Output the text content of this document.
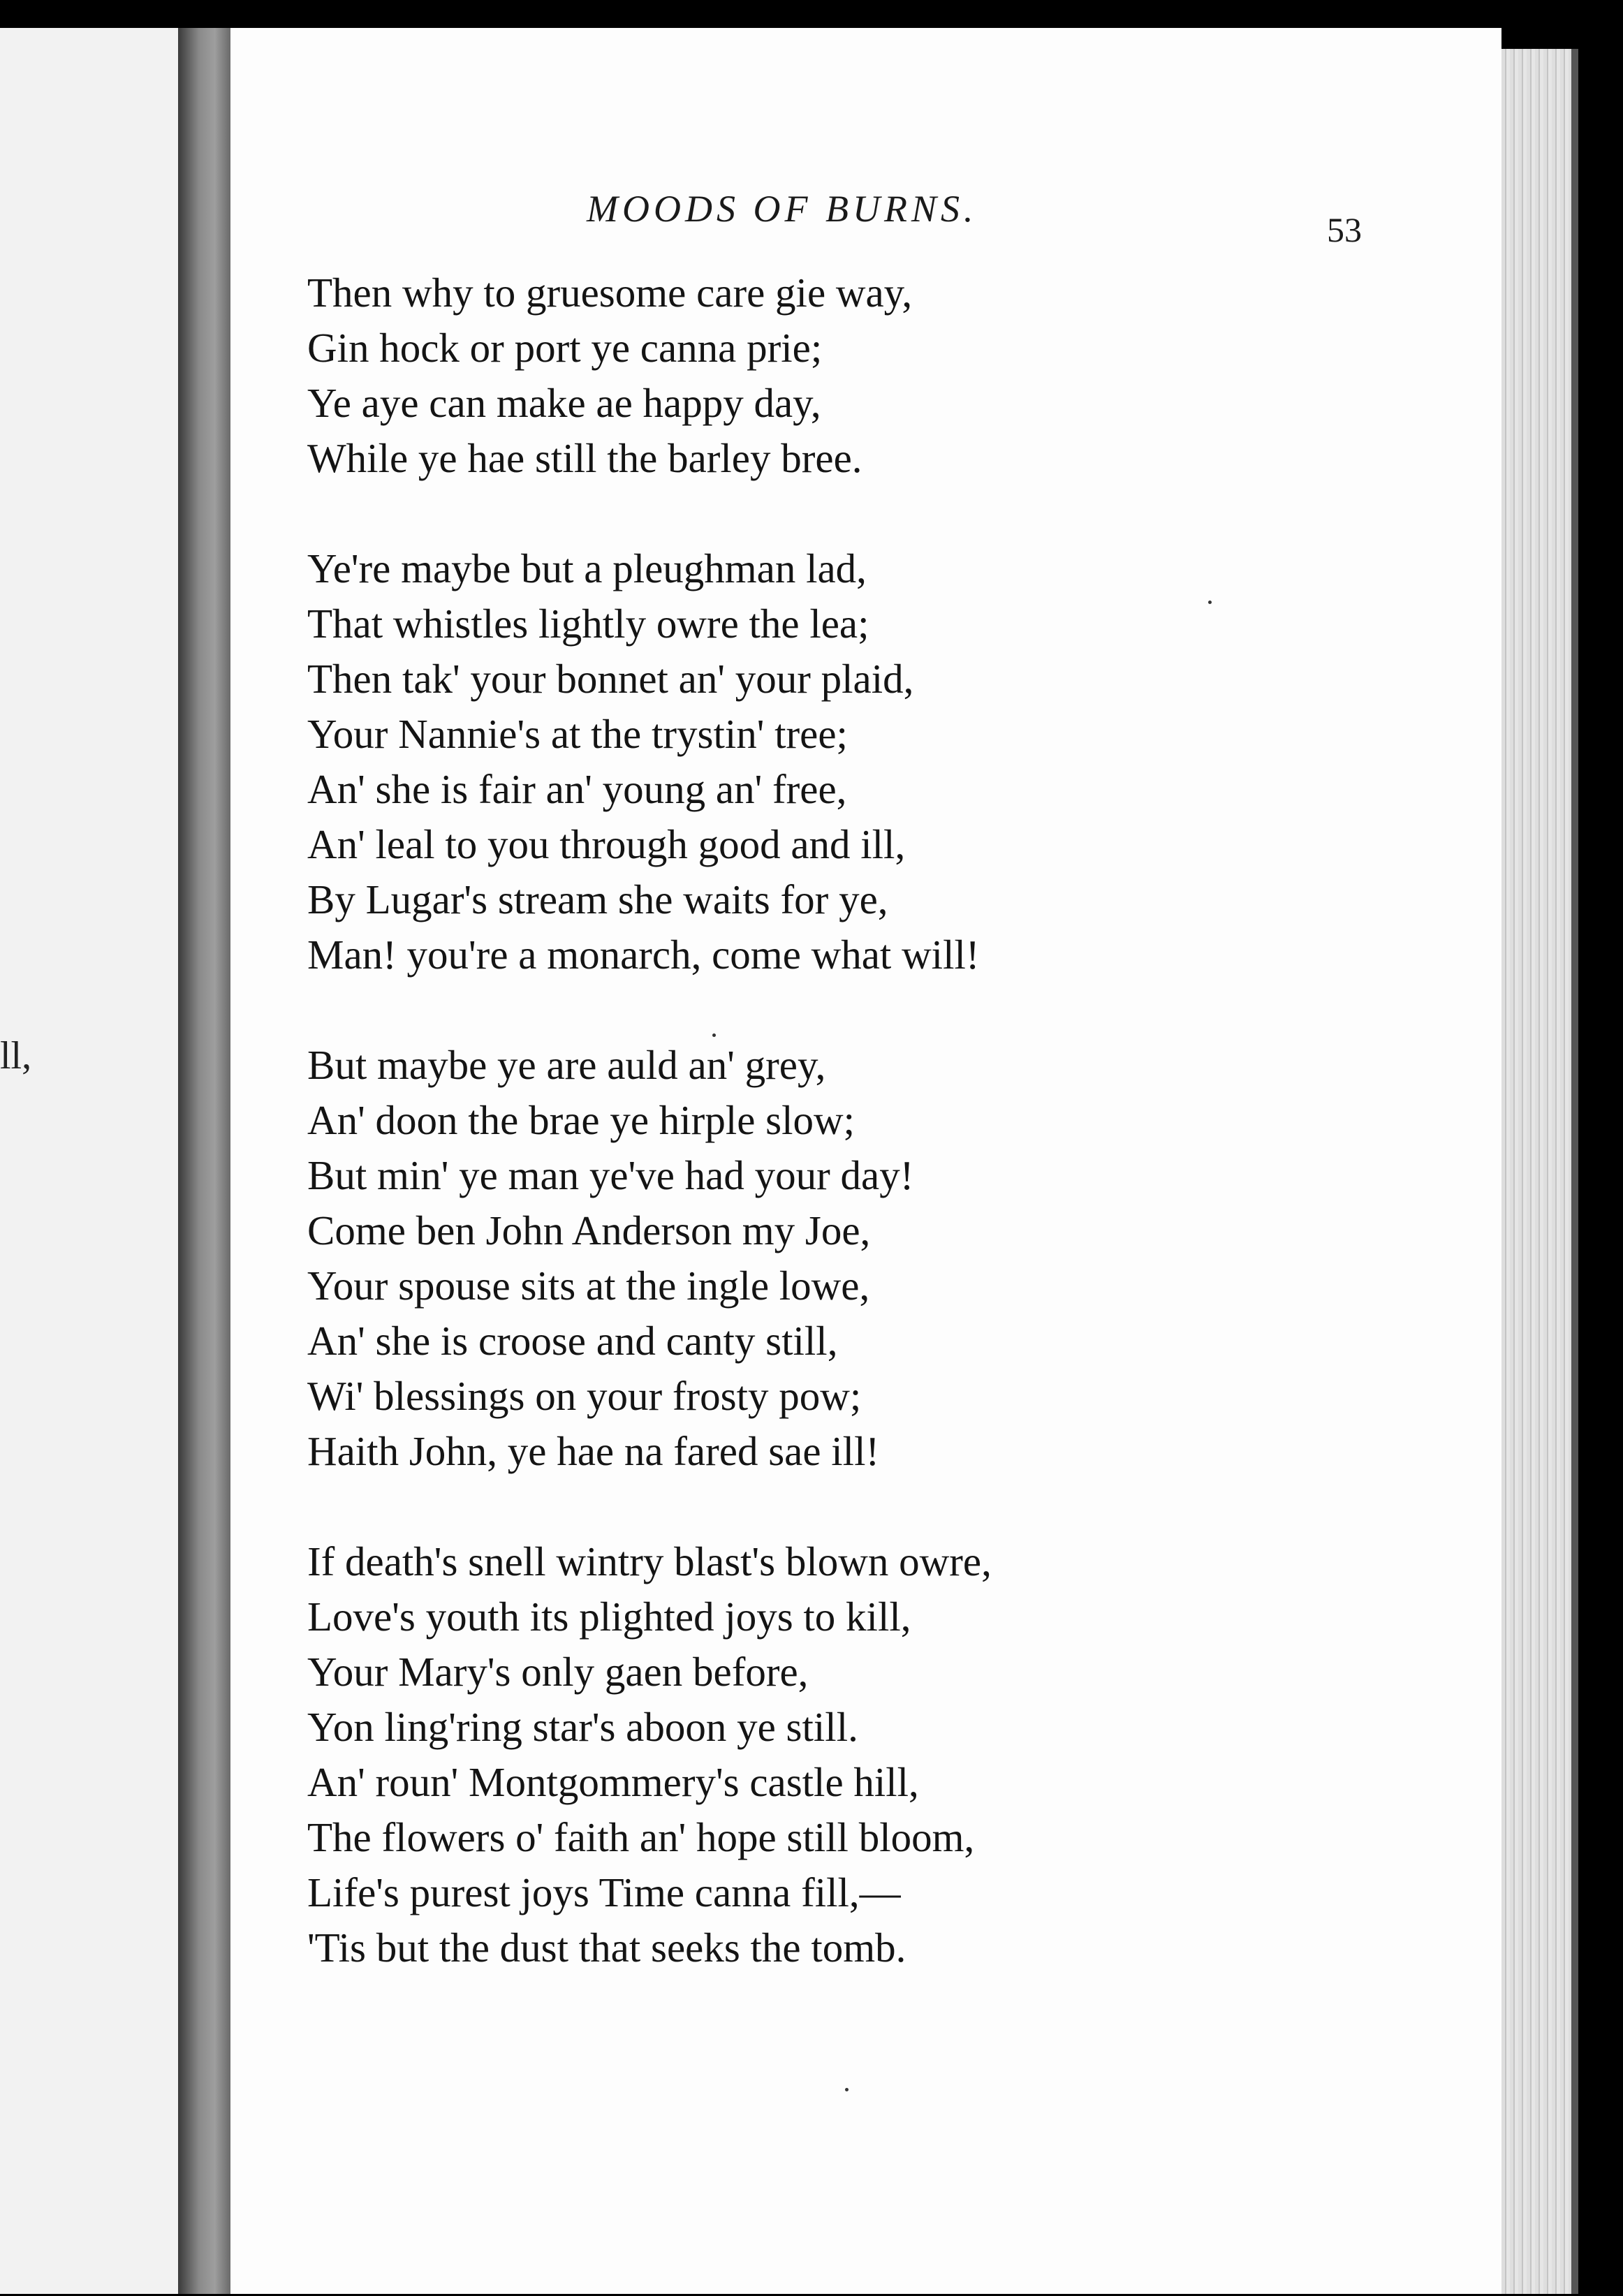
ll,
MOODS OF BURNS.	53
Then why to gruesome care gie way,
Gin hock or port ye canna prie;
Ye aye can make ae happy day,
While ye hae still the barley bree.
Ye're maybe but a pleughman lad,
That whistles lightly owre the lea;
Then tak' your bonnet an' your plaid,
Your Nannie's at the trystin' tree;
An' she is fair an' young an' free,
An' leal to you through good and ill,
By Lugar's stream she waits for ye,
Man! you're a monarch, come what will!
But maybe ye are auld an' grey,
An' doon the brae ye hirple slow;
But min' ye man ye've had your day!
Come ben John Anderson my Joe,
Your spouse sits at the ingle lowe,
An' she is croose and canty still,
Wi' blessings on your frosty pow;
Haith John, ye hae na fared sae ill!
If death's snell wintry blast's blown owre,
Love's youth its plighted joys to kill,
Your Mary's only gaen before,
Yon ling'ring star's aboon ye still.
An' roun' Montgommery's castle hill,
The flowers o' faith an' hope still bloom,
Life's purest joys Time canna fill,—
'Tis but the dust that seeks the tomb.
